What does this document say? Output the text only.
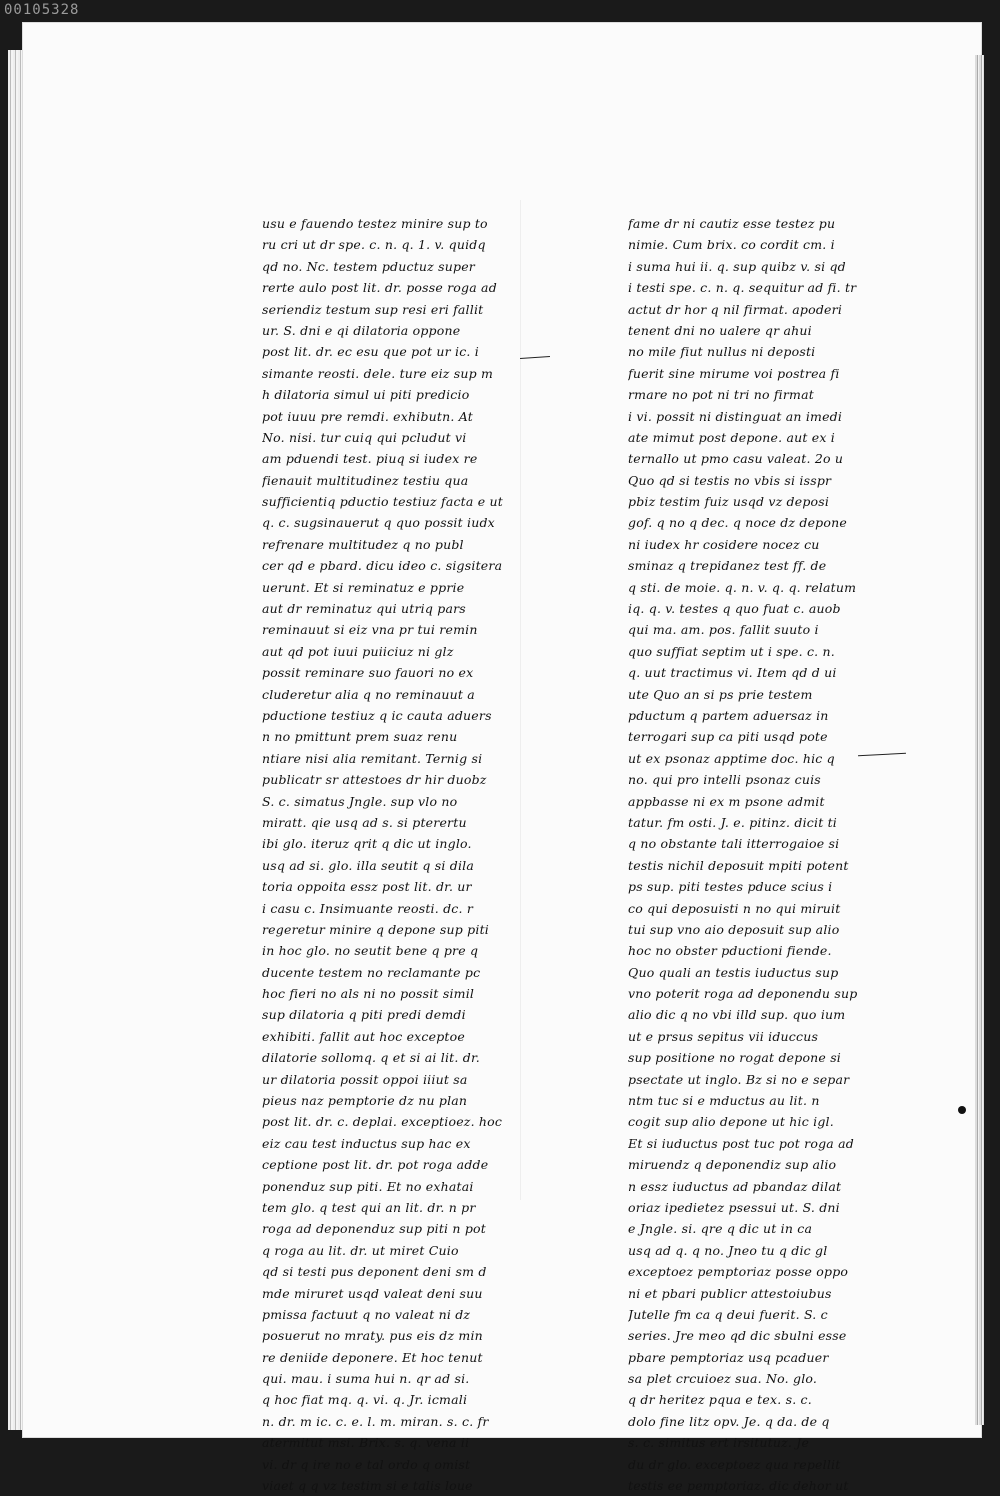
00105328
usu e fauendo testez minire sup to
ru cri ut dr spe. c. n. q. 1. v. quidq
qd no. Nc. testem pductuz super
rerte aulo post lit. dr. posse roga ad
seriendiz testum sup resi eri fallit
ur. S. dni e qi dilatoria oppone
post lit. dr. ec esu que pot ur ic. i
simante reosti. dele. ture eiz sup m
h dilatoria simul ui piti predicio
pot iuuu pre remdi. exhibutn. At
No. nisi. tur cuiq qui pcludut vi
am pduendi test. piuq si iudex re
fienauit multitudinez testiu qua
sufficientiq pductio testiuz facta e ut
q. c. sugsinauerut q quo possit iudx
refrenare multitudez q no publ
cer qd e pbard. dicu ideo c. sigsitera
uerunt. Et si reminatuz e pprie
aut dr reminatuz qui utriq pars
reminauut si eiz vna pr tui remin
aut qd pot iuui puiiciuz ni glz
possit reminare suo fauori no ex
cluderetur alia q no reminauut a
pductione testiuz q ic cauta aduers
n no pmittunt prem suaz renu
ntiare nisi alia remitant. Ternig si
publicatr sr attestoes dr hir duobz
S. c. simatus Jngle. sup vlo no
miratt. qie usq ad s. si pterertu
ibi glo. iteruz qrit q dic ut inglo.
usq ad si. glo. illa seutit q si dila
toria oppoita essz post lit. dr. ur
i casu c. Insimuante reosti. dc. r
regeretur minire q depone sup piti
in hoc glo. no seutit bene q pre q
ducente testem no reclamante pc
hoc fieri no als ni no possit simil
sup dilatoria q piti predi demdi
exhibiti. fallit aut hoc exceptoe
dilatorie sollomq. q et si ai lit. dr.
ur dilatoria possit oppoi iiiut sa
pieus naz pemptorie dz nu plan
post lit. dr. c. deplai. exceptioez. hoc
eiz cau test inductus sup hac ex
ceptione post lit. dr. pot roga adde
ponenduz sup piti. Et no exhatai
tem glo. q test qui an lit. dr. n pr
roga ad deponenduz sup piti n pot
q roga au lit. dr. ut miret Cuio
qd si testi pus deponent deni sm d
mde miruret usqd valeat deni suu
pmissa factuut q no valeat ni dz
posuerut no mraty. pus eis dz min
re deniide deponere. Et hoc tenut
qui. mau. i suma hui n. qr ad si.
q hoc fiat mq. q. vi. q. Jr. icmali
n. dr. m ic. c. e. l. m. miran. s. c. fr
atermitut msi. Brix. s. q. vena ii
vi. dr q ire no e tal ordo q omist
viaet q q vz testim si e talis loue
fame dr ni cautiz esse testez pu
nimie. Cum brix. co cordit cm. i
i suma hui ii. q. sup quibz v. si qd
i testi spe. c. n. q. sequitur ad fi. tr
actut dr hor q nil firmat. apoderi
tenent dni no ualere qr ahui
no mile fiut nullus ni deposti
fuerit sine mirume voi postrea fi
rmare no pot ni tri no firmat
i vi. possit ni distinguat an imedi
ate mimut post depone. aut ex i
ternallo ut pmo casu valeat. 2o u
Quo qd si testis no vbis si isspr
pbiz testim fuiz usqd vz deposi
gof. q no q dec. q noce dz depone
ni iudex hr cosidere nocez cu
sminaz q trepidanez test ff. de
q sti. de moie. q. n. v. q. q. relatum
iq. q. v. testes q quo fuat c. auob
qui ma. am. pos. fallit suuto i
quo suffiat septim ut i spe. c. n.
q. uut tractimus vi. Item qd d ui
ute Quo an si ps prie testem
pductum q partem aduersaz in
terrogari sup ca piti usqd pote
ut ex psonaz apptime doc. hic q
no. qui pro intelli psonaz cuis
appbasse ni ex m psone admit
tatur. fm osti. J. e. pitinz. dicit ti
q no obstante tali itterrogaioe si
testis nichil deposuit mpiti potent
ps sup. piti testes pduce scius i
co qui deposuisti n no qui miruit
tui sup vno aio deposuit sup alio
hoc no obster pductioni fiende.
Quo quali an testis iuductus sup
vno poterit roga ad deponendu sup
alio dic q no vbi illd sup. quo ium
ut e prsus sepitus vii iduccus
sup positione no rogat depone si
psectate ut inglo. Bz si no e separ
ntm tuc si e mductus au lit. n
cogit sup alio depone ut hic igl.
Et si iuductus post tuc pot roga ad
miruendz q deponendiz sup alio
n essz iuductus ad pbandaz dilat
oriaz ipedietez psessui ut. S. dni
e Jngle. si. qre q dic ut in ca
usq ad q. q no. Jneo tu q dic gl
exceptoez pemptoriaz posse oppo
ni et pbari publicr attestoiubus
Jutelle fm ca q deui fuerit. S. c
series. Jre meo qd dic sbulni esse
pbare pemptoriaz usq pcaduer
sa plet crcuioez sua. No. glo.
q dr heritez pqua e tex. s. c.
dolo fine litz opv. Je. q da. de q
s. c. simitus ert irsitutuz. Je
du dr glo. exceptoez qua repellit
testis ee pemptoriaz. dic dehor ut
